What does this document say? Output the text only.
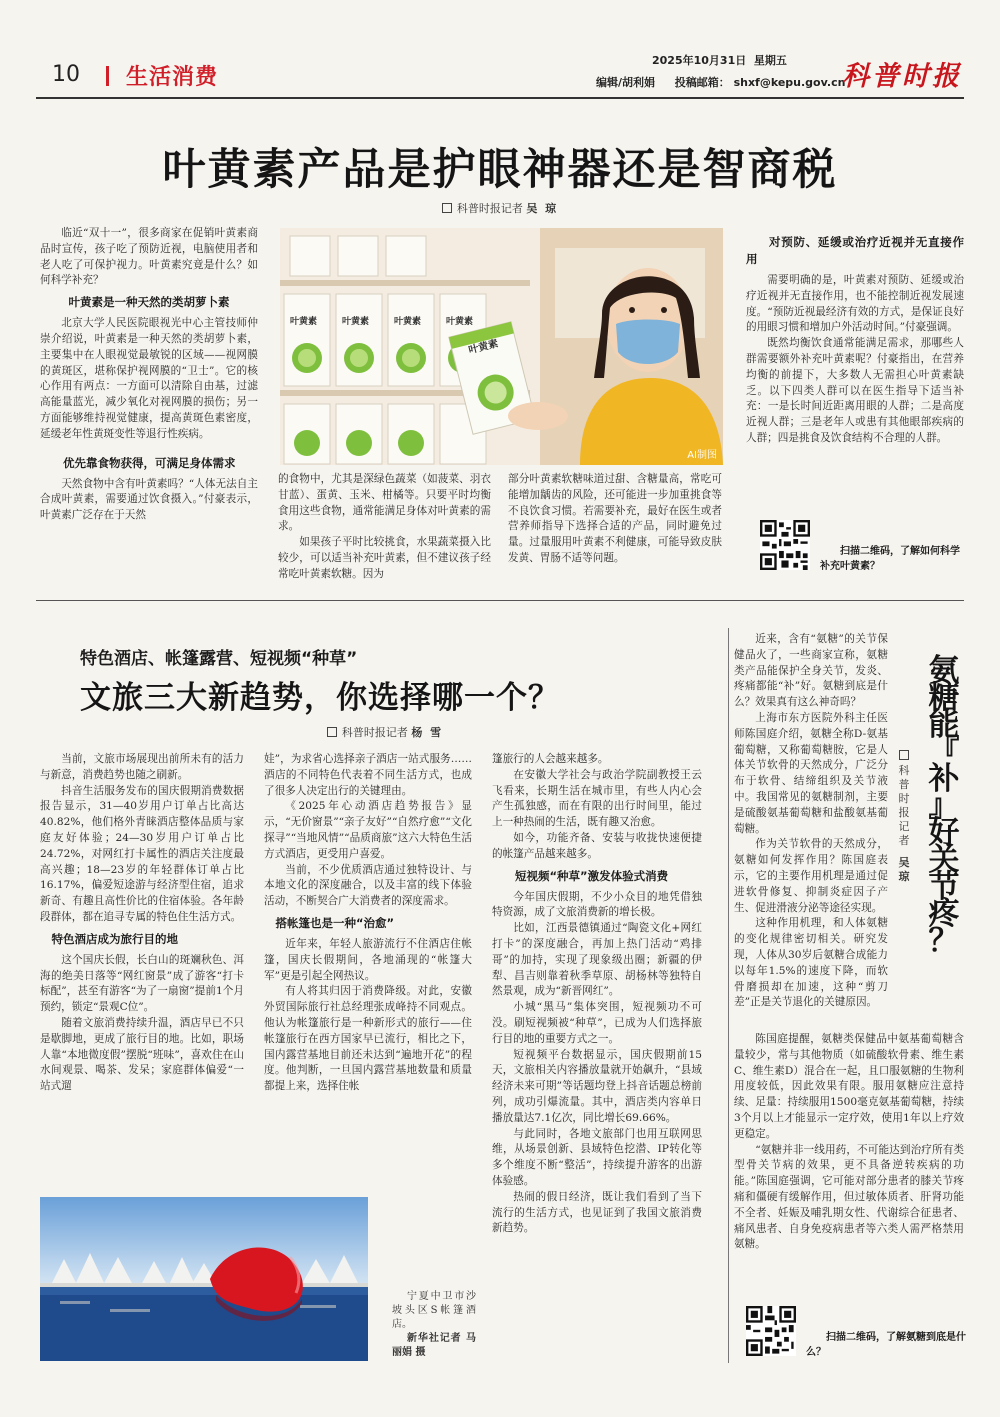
10 生活消费
2025年10月31日  星期五
编辑/胡利娟 投稿邮箱： shxf@kepu.gov.cn
科普时报
叶黄素产品是护眼神器还是智商税
科普时报记者 吴 琼

临近“双十一”，很多商家在促销叶黄素商品时宣传，孩子吃了预防近视，电脑使用者和老人吃了可保护视力。叶黄素究竟是什么？如何科学补充？

叶黄素是一种天然的类胡萝卜素

北京大学人民医院眼视光中心主管技师仲崇介绍说，叶黄素是一种天然的类胡萝卜素，主要集中在人眼视觉最敏锐的区域——视网膜的黄斑区，堪称保护视网膜的“卫士”。它的核心作用有两点：一方面可以清除自由基，过滤高能量蓝光，减少氧化对视网膜的损伤；另一方面能够维持视觉健康，提高黄斑色素密度，延缓老年性黄斑变性等退行性疾病。

优先靠食物获得，可满足身体需求

天然食物中含有叶黄素吗？“人体无法自主合成叶黄素，需要通过饮食摄入。”付豪表示，叶黄素广泛存在于天然

叶黄素	叶黄素	叶黄素	叶黄素
叶黄素
AI制图

的食物中，尤其是深绿色蔬菜（如菠菜、羽衣甘蓝）、蛋黄、玉米、柑橘等。只要平时均衡食用这些食物，通常能满足身体对叶黄素的需求。

如果孩子平时比较挑食，水果蔬菜摄入比较少，可以适当补充叶黄素，但不建议孩子经常吃叶黄素软糖。因为

部分叶黄素软糖味道过甜、含糖量高，常吃可能增加龋齿的风险，还可能进一步加重挑食等不良饮食习惯。若需要补充，最好在医生或者营养师指导下选择合适的产品，同时避免过量。过量服用叶黄素不利健康，可能导致皮肤发黄、胃肠不适等问题。

对预防、延缓或治疗近视并无直接作用

需要明确的是，叶黄素对预防、延缓或治疗近视并无直接作用，也不能控制近视发展速度。“预防近视最经济有效的方式，是保证良好的用眼习惯和增加户外活动时间。”付豪强调。

既然均衡饮食通常能满足需求，那哪些人群需要额外补充叶黄素呢？付豪指出，在营养均衡的前提下，大多数人无需担心叶黄素缺乏。以下四类人群可以在医生指导下适当补充：一是长时间近距离用眼的人群；二是高度近视人群；三是老年人或患有其他眼部疾病的人群；四是挑食及饮食结构不合理的人群。

扫描二维码，了解如何科学补充叶黄素？
特色酒店、帐篷露营、短视频“种草”
文旅三大新趋势，你选择哪一个？
科普时报记者 杨 雪

当前，文旅市场展现出前所未有的活力与新意，消费趋势也随之刷新。

抖音生活服务发布的国庆假期消费数据报告显示，31—40岁用户订单占比高达40.82%，他们格外青睐酒店整体品质与家庭友好体验；24—30岁用户订单占比24.72%，对网红打卡属性的酒店关注度最高兴趣；18—23岁的年轻群体订单占比16.17%，偏爱短途游与经济型住宿，追求新奇、有趣且高性价比的住宿体验。各年龄段群体，都在追寻专属的特色住生活方式。

特色酒店成为旅行目的地

这个国庆长假，长白山的斑斓秋色、洱海的绝美日落等“网红窗景”成了游客“打卡标配”，甚至有游客“为了一扇窗”提前1个月预约，锁定“景观C位”。

随着文旅消费持续升温，酒店早已不只是歇脚地，更成了旅行目的地。比如，职场人靠“本地微度假”摆脱“班味”，喜欢住在山水间观景、喝茶、发呆；家庭群体偏爱“一站式遛

娃”，为求省心选择亲子酒店一站式服务……酒店的不同特色代表着不同生活方式，也成了很多人决定出行的关键理由。

《2025年心动酒店趋势报告》显示，“无价窗景”“亲子友好”“自然疗愈”“文化探寻”“当地风情”“品质商旅”这六大特色生活方式酒店，更受用户喜爱。

当前，不少优质酒店通过独特设计、与本地文化的深度融合，以及丰富的线下体验活动，不断契合广大消费者的深度需求。

搭帐篷也是一种“治愈”

近年来，年轻人旅游流行不住酒店住帐篷，国庆长假期间，各地涌现的“帐篷大军”更是引起全网热议。

有人将其归因于消费降级。对此，安徽外贸国际旅行社总经理张成峰持不同观点。他认为帐篷旅行是一种新形式的旅行——住帐篷旅行在西方国家早已流行，相比之下，国内露营基地目前还未达到“遍地开花”的程度。他判断，一旦国内露营基地数量和质量都提上来，选择住帐

篷旅行的人会越来越多。

在安徽大学社会与政治学院副教授王云飞看来，长期生活在城市里，有些人内心会产生孤独感，而在有限的出行时间里，能过上一种热闹的生活，既有趣又治愈。

如今，功能齐备、安装与收拢快速便捷的帐篷产品越来越多。

短视频“种草”激发体验式消费

今年国庆假期，不少小众目的地凭借独特资源，成了文旅消费新的增长极。

比如，江西景德镇通过“陶瓷文化+网红打卡”的深度融合，再加上热门活动“鸡排哥”的加持，实现了现象级出圈；新疆的伊犁、昌吉则靠着秋季草原、胡杨林等独特自然景观，成为“新晋网红”。

小城“黑马”集体突围，短视频功不可没。刷短视频被“种草”，已成为人们选择旅行目的地的重要方式之一。

短视频平台数据显示，国庆假期前15天，文旅相关内容播放量就开始飙升，“县域经济未来可期”等话题均登上抖音话题总榜前列，成功引爆流量。其中，酒店类内容单日播放量达7.1亿次，同比增长69.66%。

与此同时，各地文旅部门也用互联网思维，从场景创新、县域特色挖潜、IP转化等多个维度不断“整活”，持续提升游客的出游体验感。

热闹的假日经济，既让我们看到了当下流行的生活方式，也见证到了我国文旅消费新趋势。

宁夏中卫市沙坡头区S帐篷酒店。
新华社记者 马丽娟 摄
氨
糖
能
『
补
』
好
关
节
疼
？
科
普
时
报
记
者
吴
琼

近来，含有“氨糖”的关节保健品火了，一些商家宣称，氨糖类产品能保护全身关节，发炎、疼痛都能“补”好。氨糖到底是什么？效果真有这么神奇吗？

上海市东方医院外科主任医师陈国庭介绍，氨糖全称D-氨基葡萄糖，又称葡萄糖胺，它是人体关节软骨的天然成分，广泛分布于软骨、结缔组织及关节液中。我国常见的氨糖制剂，主要是硫酸氨基葡萄糖和盐酸氨基葡萄糖。

作为关节软骨的天然成分，氨糖如何发挥作用？陈国庭表示，它的主要作用机理是通过促进软骨修复、抑制炎症因子产生、促进滑液分泌等途径实现。

这种作用机理，和人体氨糖的变化规律密切相关。研究发现，人体从30岁后氨糖合成能力以每年1.5%的速度下降，而软骨磨损却在加速，这种“剪刀差”正是关节退化的关键原因。

陈国庭提醒，氨糖类保健品中氨基葡萄糖含量较少，常与其他物质（如硫酸软骨素、维生素C、维生素D）混合在一起，且口服氨糖的生物利用度较低，因此效果有限。服用氨糖应注意持续、足量：持续服用1500毫克氨基葡萄糖，持续3个月以上才能显示一定疗效，使用1年以上疗效更稳定。

“氨糖并非一线用药，不可能达到治疗所有类型骨关节病的效果，更不具备逆转疾病的功能。”陈国庭强调，它可能对部分患者的膝关节疼痛和僵硬有缓解作用，但过敏体质者、肝肾功能不全者、妊娠及哺乳期女性、代谢综合征患者、痛风患者、自身免疫病患者等六类人需严格禁用氨糖。

扫描二维码，了解氨糖到底是什么？
